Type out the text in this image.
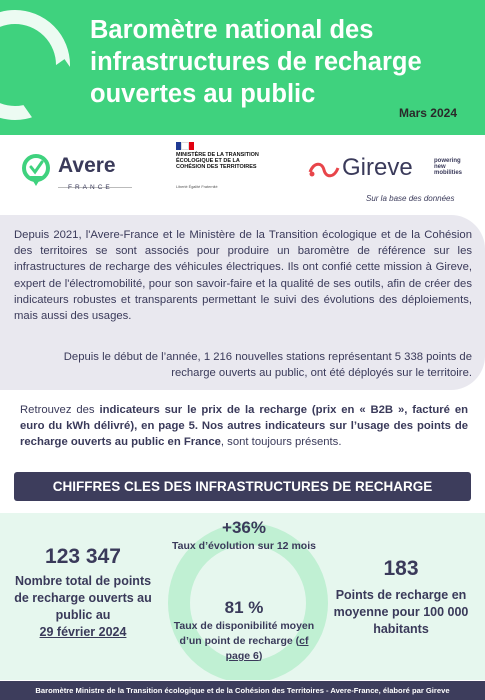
Baromètre national des infrastructures de recharge ouvertes au public
Mars 2024
Avere
FRANCE
MINISTÈRE DE LA TRANSITION ÉCOLOGIQUE ET DE LA COHÉSION DES TERRITOIRES
Liberté Égalité Fraternité
Gireve	powering new mobilities
Sur la base des données

Depuis 2021, l'Avere-France et le Ministère de la Transition écologique et de la Cohésion des territoires se sont associés pour produire un baromètre de référence sur les infrastructures de recharge des véhicules électriques. Ils ont confié cette mission à Gireve, expert de l'électromobilité, pour son savoir-faire et la qualité de ses outils, afin de créer des indicateurs robustes et transparents permettant le suivi des évolutions des déploiements, mais aussi des usages.

Depuis le début de l’année, 1 216 nouvelles stations représentant 5 338 points de recharge ouverts au public, ont été déployés sur le territoire.

Retrouvez des indicateurs sur le prix de la recharge (prix en « B2B », facturé en euro du kWh délivré), en page 5. Nos autres indicateurs sur l’usage des points de recharge ouverts au public en France, sont toujours présents.

CHIFFRES CLES DES INFRASTRUCTURES DE RECHARGE
123 347
Nombre total de points de recharge ouverts au public au
29 février 2024
+36%
Taux d’évolution sur 12 mois
81 %
Taux de disponibilité moyen d’un point de recharge (cf page 6)
183
Points de recharge en moyenne pour 100 000 habitants
Baromètre Ministre de la Transition écologique et de la Cohésion des Territoires - Avere-France, élaboré par Gireve
